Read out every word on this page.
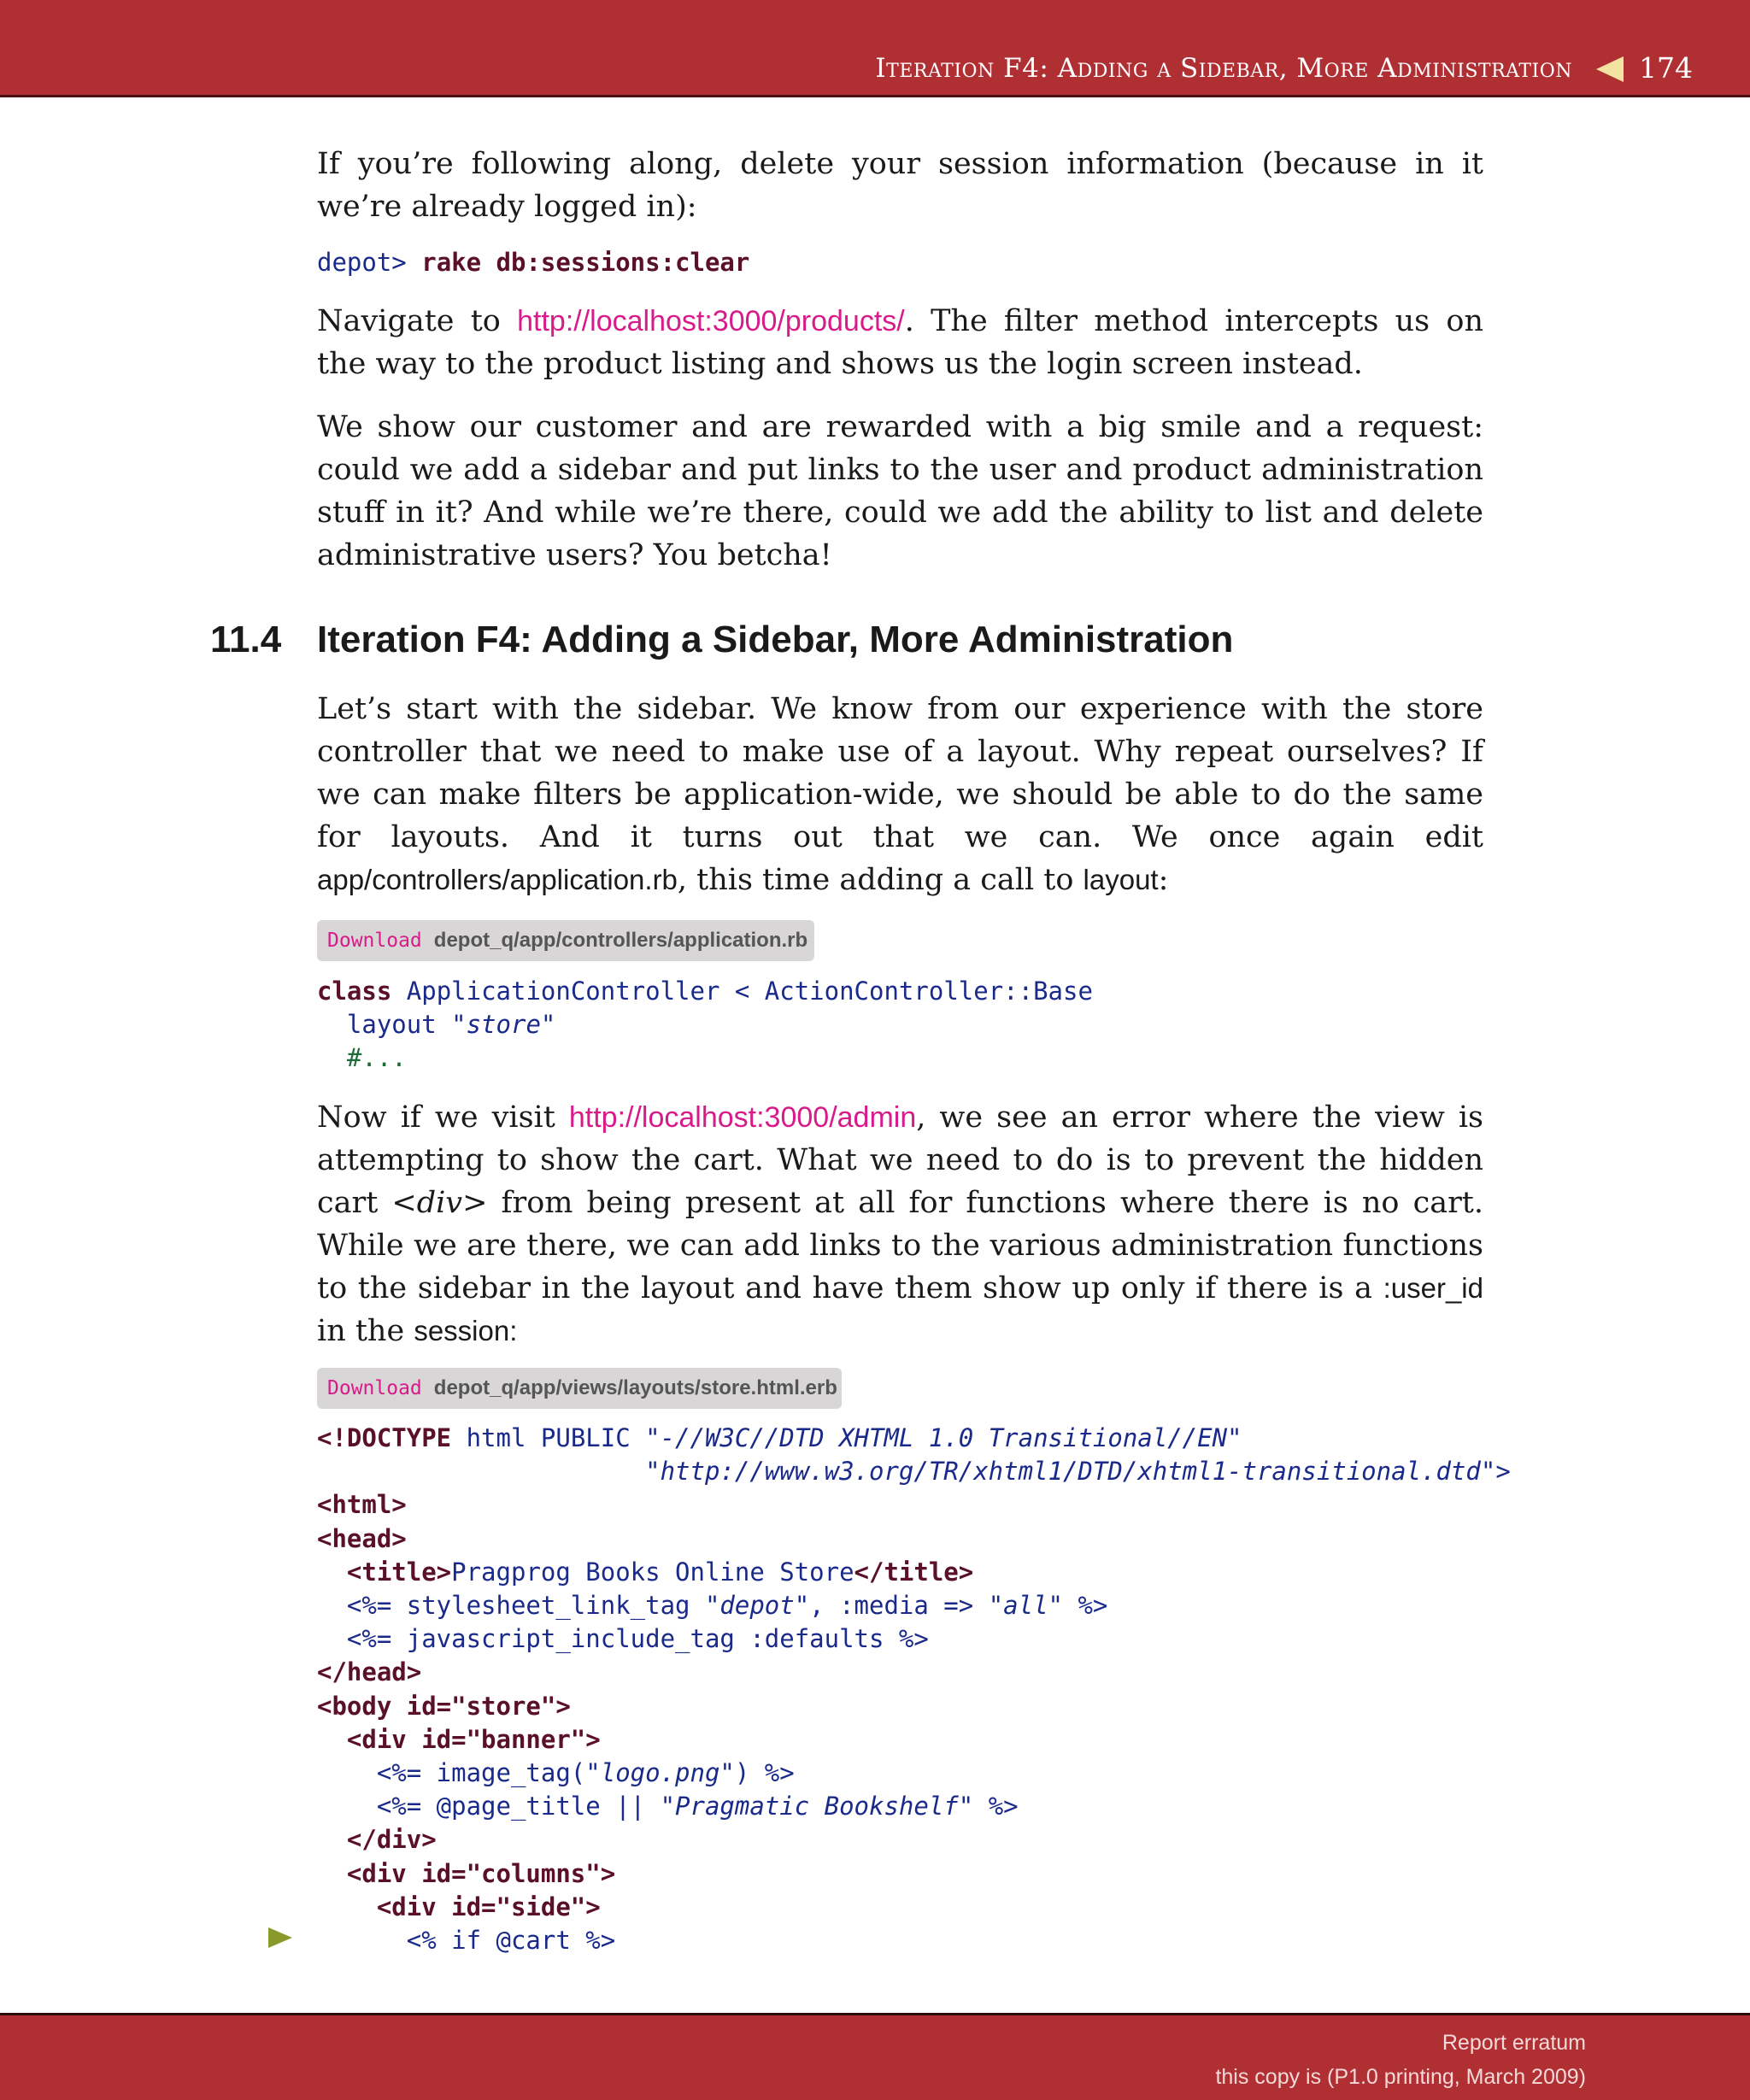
Iteration F4: Adding a Sidebar, More Administration 174

If you’re following along, delete your session information (because in it we’re already logged in):

depot> rake db:sessions:clear

Navigate to http://localhost:3000/products/. The filter method intercepts us on the way to the product listing and shows us the login screen instead.

We show our customer and are rewarded with a big smile and a request: could we add a sidebar and put links to the user and product administration stuff in it? And while we’re there, could we add the ability to list and delete administrative users? You betcha!

11.4 Iteration F4: Adding a Sidebar, More Administration

Let’s start with the sidebar. We know from our experience with the store controller that we need to make use of a layout. Why repeat ourselves? If we can make filters be application-wide, we should be able to do the same for layouts. And it turns out that we can. We once again edit app/controllers/application.rb, this time adding a call to layout:

Download depot_q/app/controllers/application.rb
class ApplicationController < ActionController::Base
layout "store"
#...

Now if we visit http://localhost:3000/admin, we see an error where the view is attempting to show the cart. What we need to do is to prevent the hidden cart <div> from being present at all for functions where there is no cart. While we are there, we can add links to the various administration functions to the sidebar in the layout and have them show up only if there is a :user_id in the session:

Download depot_q/app/views/layouts/store.html.erb
<!DOCTYPE html PUBLIC "-//W3C//DTD XHTML 1.0 Transitional//EN"
"http://www.w3.org/TR/xhtml1/DTD/xhtml1-transitional.dtd">
<html>
<head>
<title>Pragprog Books Online Store</title>
<%= stylesheet_link_tag "depot", :media => "all" %>
<%= javascript_include_tag :defaults %>
</head>
<body id="store">
<div id="banner">
<%= image_tag("logo.png") %>
<%= @page_title || "Pragmatic Bookshelf" %>
</div>
<div id="columns">
<div id="side">
<% if @cart %>
Report erratum
this copy is (P1.0 printing, March 2009)
